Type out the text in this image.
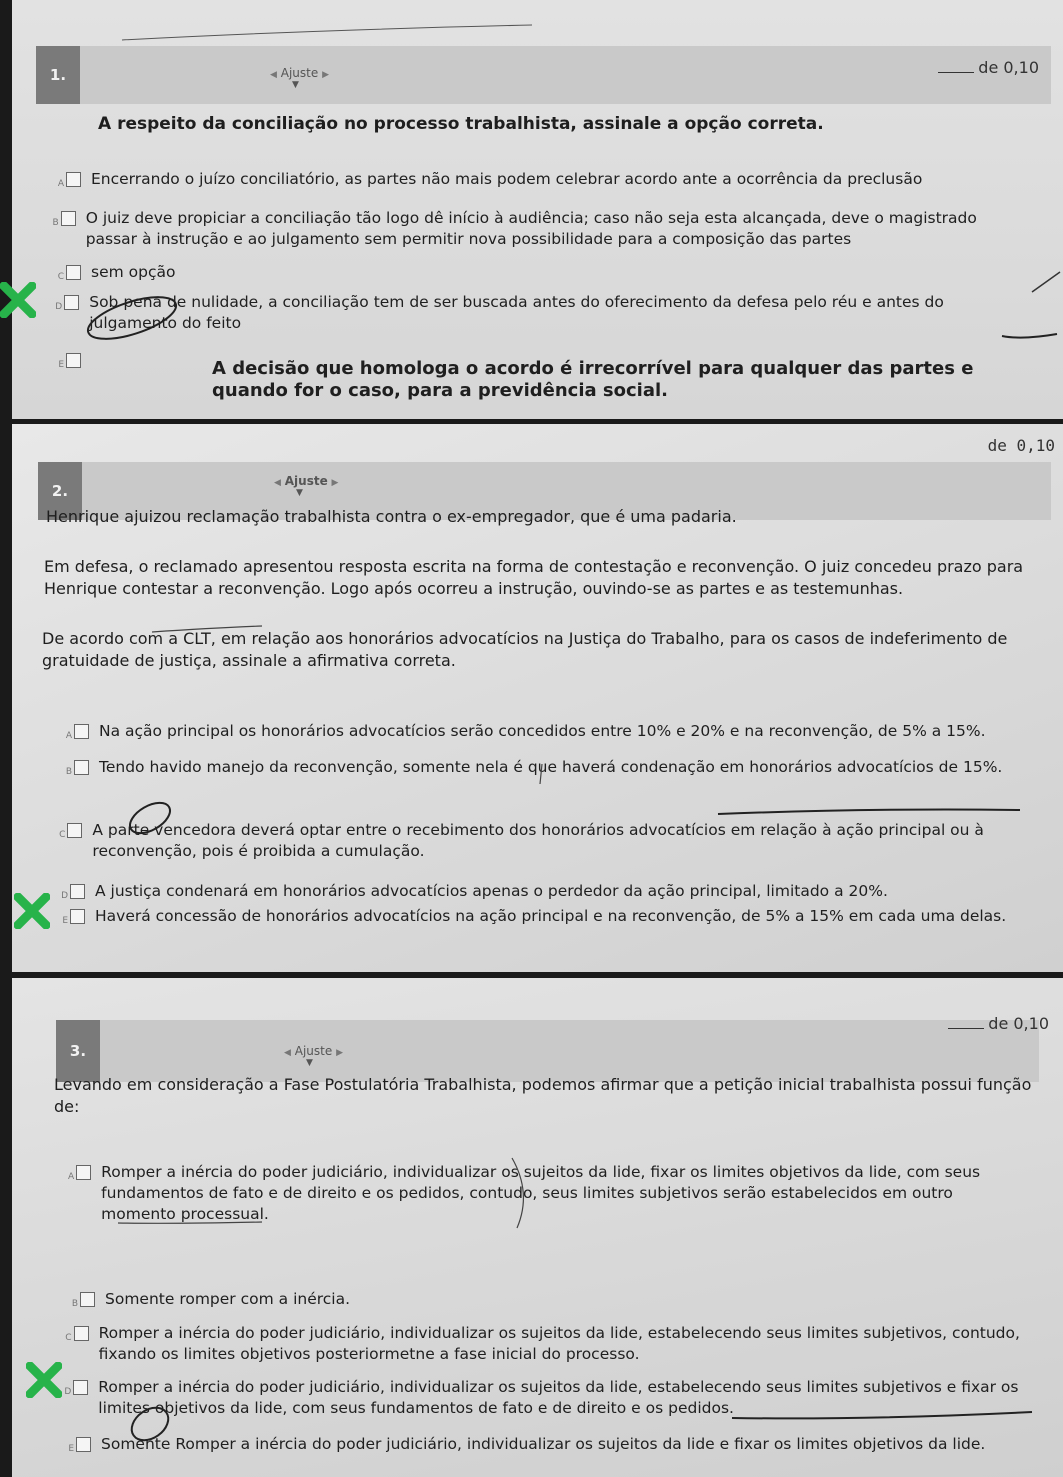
1.	◀ Ajuste ▶
▼
de 0,10
A respeito da conciliação no processo trabalhista, assinale a opção correta.
A Encerrando o juízo conciliatório, as partes não mais podem celebrar acordo ante a ocorrência da preclusão
B O juiz deve propiciar a conciliação tão logo dê início à audiência; caso não seja esta alcançada, deve o magistrado passar à instrução e ao julgamento sem permitir nova possibilidade para a composição das partes
C sem opção
D Sob pena de nulidade, a conciliação tem de ser buscada antes do oferecimento da defesa pelo réu e antes do julgamento do feito
E	A decisão que homologa o acordo é irrecorrível para qualquer das partes e quando for o caso, para a previdência social.
2.	◀ Ajuste ▶
▼
de 0,10
Henrique ajuizou reclamação trabalhista contra o ex-empregador, que é uma padaria.
Em defesa, o reclamado apresentou resposta escrita na forma de contestação e reconvenção. O juiz concedeu prazo para Henrique contestar a reconvenção. Logo após ocorreu a instrução, ouvindo-se as partes e as testemunhas.
De acordo com a CLT, em relação aos honorários advocatícios na Justiça do Trabalho, para os casos de indeferimento de gratuidade de justiça, assinale a afirmativa correta.
A Na ação principal os honorários advocatícios serão concedidos entre 10% e 20% e na reconvenção, de 5% a 15%.
B Tendo havido manejo da reconvenção, somente nela é que haverá condenação em honorários advocatícios de 15%.
C A parte vencedora deverá optar entre o recebimento dos honorários advocatícios em relação à ação principal ou à reconvenção, pois é proibida a cumulação.
D A justiça condenará em honorários advocatícios apenas o perdedor da ação principal, limitado a 20%.
E Haverá concessão de honorários advocatícios na ação principal e na reconvenção, de 5% a 15% em cada uma delas.
3.	◀ Ajuste ▶
▼
de 0,10
Levando em consideração a Fase Postulatória Trabalhista, podemos afirmar que a petição inicial trabalhista possui função de:
A Romper a inércia do poder judiciário, individualizar os sujeitos da lide, fixar os limites objetivos da lide, com seus fundamentos de fato e de direito e os pedidos, contudo, seus limites subjetivos serão estabelecidos em outro momento processual.
B Somente romper com a inércia.
C Romper a inércia do poder judiciário, individualizar os sujeitos da lide, estabelecendo seus limites subjetivos, contudo, fixando os limites objetivos posteriormetne a fase inicial do processo.
D Romper a inércia do poder judiciário, individualizar os sujeitos da lide, estabelecendo seus limites subjetivos e fixar os limites objetivos da lide, com seus fundamentos de fato e de direito e os pedidos.
E Somente Romper a inércia do poder judiciário, individualizar os sujeitos da lide e fixar os limites objetivos da lide.
